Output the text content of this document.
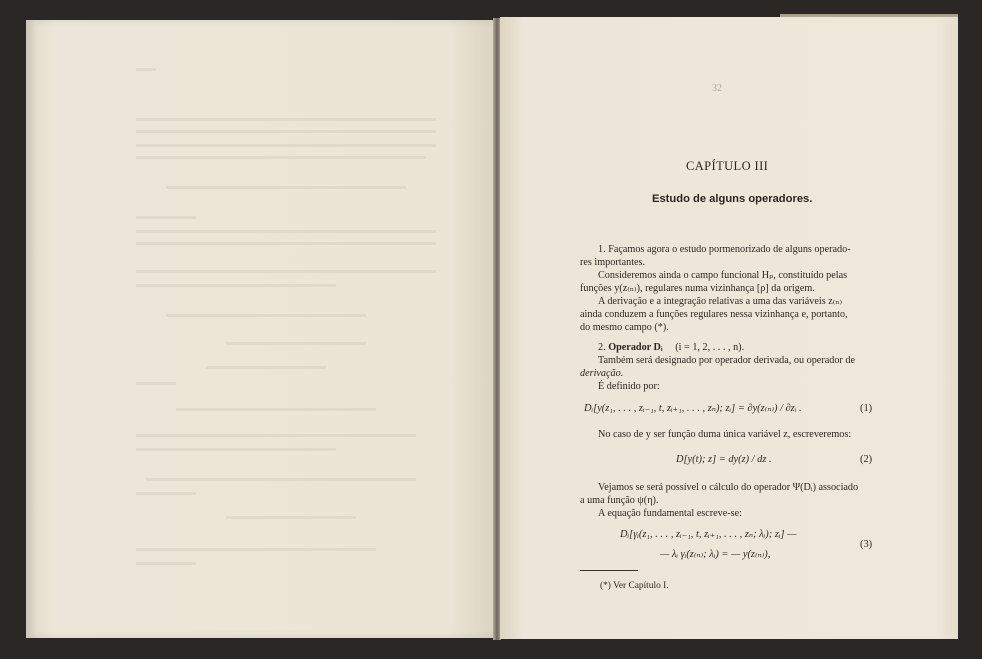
32
CAPÍTULO III
Estudo de alguns operadores.
1. Façamos agora o estudo pormenorizado de alguns operado-
res importantes.
Consideremos ainda o campo funcional Hₚ, constituído pelas
funções y(z₍ₙ₎), regulares numa vizinhança [ρ] da origem.
A derivação e a integração relativas a uma das variáveis z₍ₙ₎
ainda conduzem a funções regulares nessa vizinhança e, portanto,
do mesmo campo (*).
2. Operador Dᵢ (i = 1, 2, . . . , n).
Também será designado por operador derivada, ou operador de
derivação.
É definido por:
Dᵢ[y(z₁, . . . , zᵢ₋₁, t, zᵢ₊₁, . . . , zₙ); zᵢ] = ∂y(z₍ₙ₎) / ∂zᵢ .	(1)
No caso de y ser função duma única variável z, escreveremos:
D[y(t); z] = dy(z) / dz .	(2)
Vejamos se será possível o cálculo do operador Ψ(Dᵢ) associado
a uma função ψ(η).
A equação fundamental escreve-se:
Dᵢ[γᵢ(z₁, . . . , zᵢ₋₁, t, zᵢ₊₁, . . . , zₙ; λᵢ); zᵢ] —
— λᵢ γᵢ(z₍ₙ₎; λᵢ) = — y(z₍ₙ₎),
(3)
(*) Ver Capítulo I.
